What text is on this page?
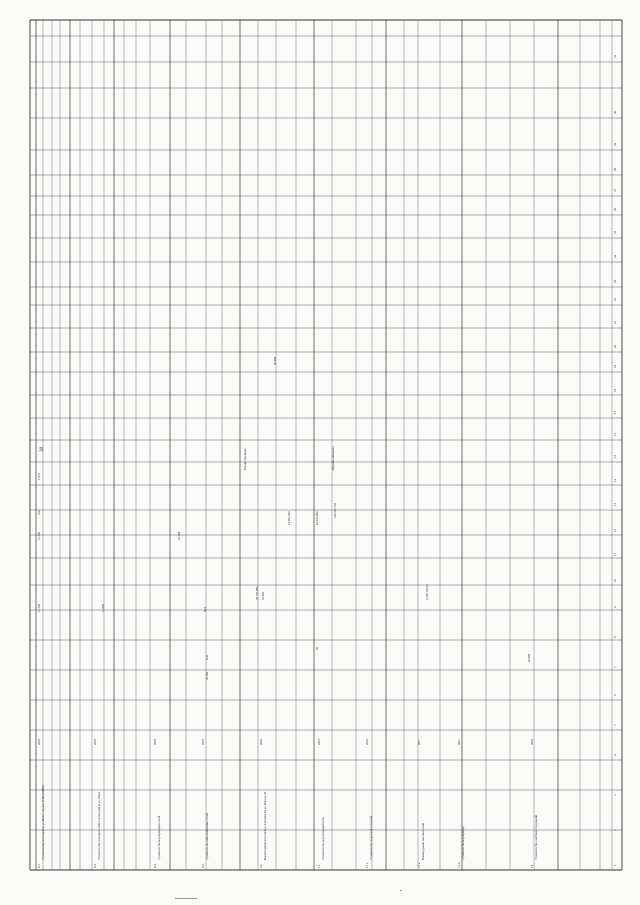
1
2
3
4
5
6
7
8
9
10
11
12
13
14
15
16
17
18
19
20
21
22
23
24
25
26
27
28
29
30
31
Реконструкция	Прочие объекты
9.1.
Строительство котельной по ул. Мира г. Агрыза (ТЭЦ 2,0МВт)
2018
9.3.
Строительство тепловых сетей от котельной по ул. Мира
2018
9.4.
Строительство водопроводных сетей
2018
9.5.
Строительство канализационных сетей
2018
10.
Реконструкция котельной ул. Гагарина 90, ул. Рабочая 20
2016
11.
Строительство водопроводной сети
2015
11.1.
Строительство модульной котельной
2016
11.2.
Реконструкция тепловых сетей
2017
11.4.
Строительство водопровода
2017
12.
Строительство очистных сооружений
2018
11 500
11 500
11 000
16 000
20 000
39 793,994
14 691,554	24 102,604
145 541,783
4 168 150,02
20 000
10 000
42 000
8,25
1,874
0,43
26
154
38
